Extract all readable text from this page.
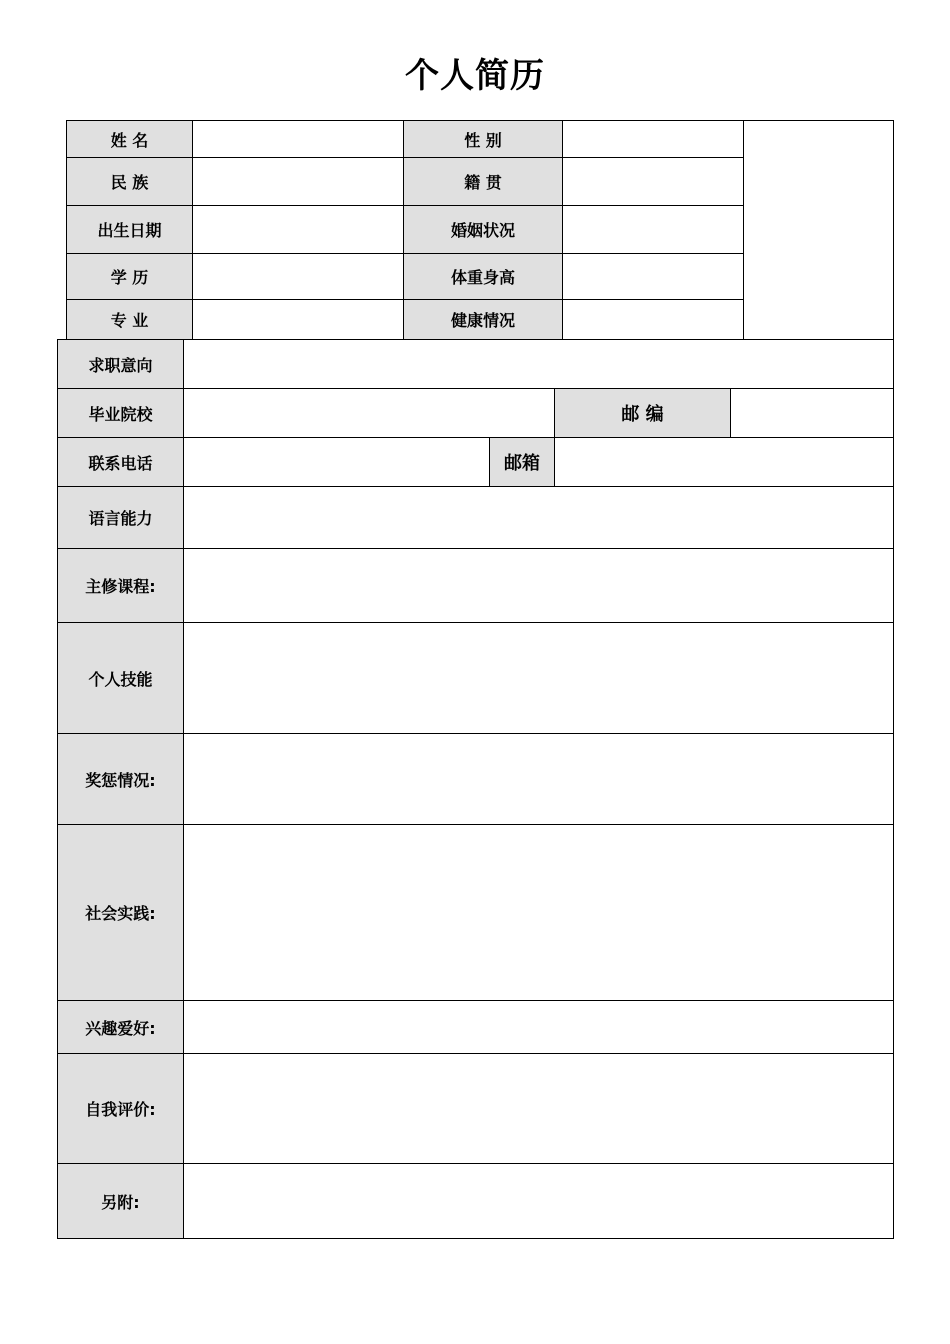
个人简历
姓 名	性 别
民 族	籍 贯
出生日期	婚姻状况
学 历	体重身高
专 业	健康情况
求职意向
毕业院校	邮 编
联系电话	邮箱
语言能力
主修课程:
个人技能
奖惩情况:
社会实践:
兴趣爱好:
自我评价:
另附:
